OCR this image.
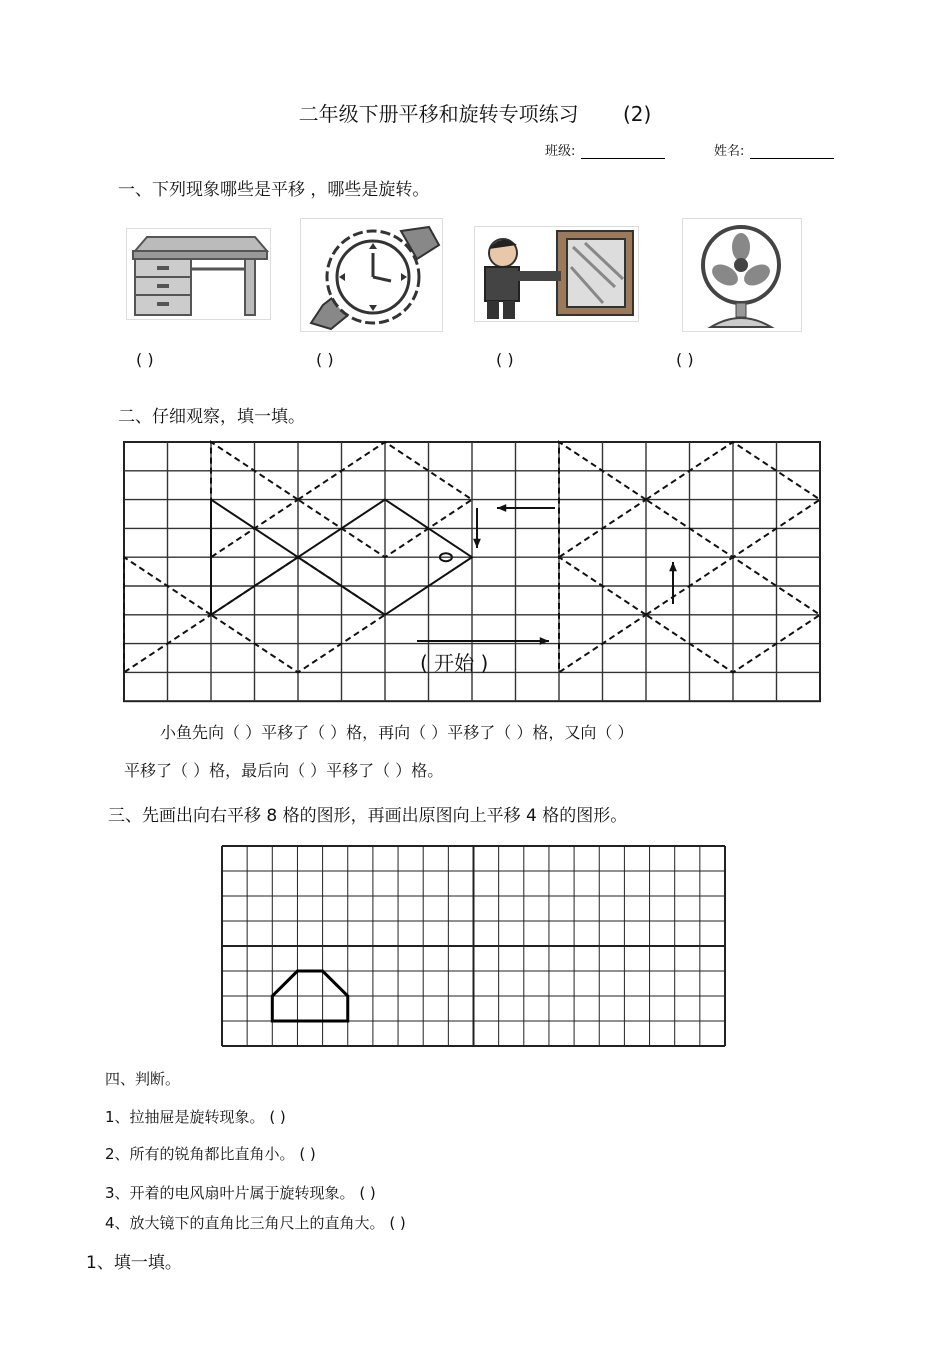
二年级下册平移和旋转专项练习 (2)
班级:	姓名:
一、下列现象哪些是平移 ，哪些是旋转。
( )	( )	( )	( )
二、仔细观察，填一填。
( 开始 )
小鱼先向（ ）平移了（ ）格，再向（ ）平移了（ ）格，又向（ ）
平移了（ ）格，最后向（ ）平移了（ ）格。
三、先画出向右平移 8 格的图形，再画出原图向上平移 4 格的图形。
四、判断。
1、拉抽屉是旋转现象。 ( )
2、所有的锐角都比直角小。 ( )
3、开着的电风扇叶片属于旋转现象。 ( )
4、放大镜下的直角比三角尺上的直角大。 ( )
1、填一填。
